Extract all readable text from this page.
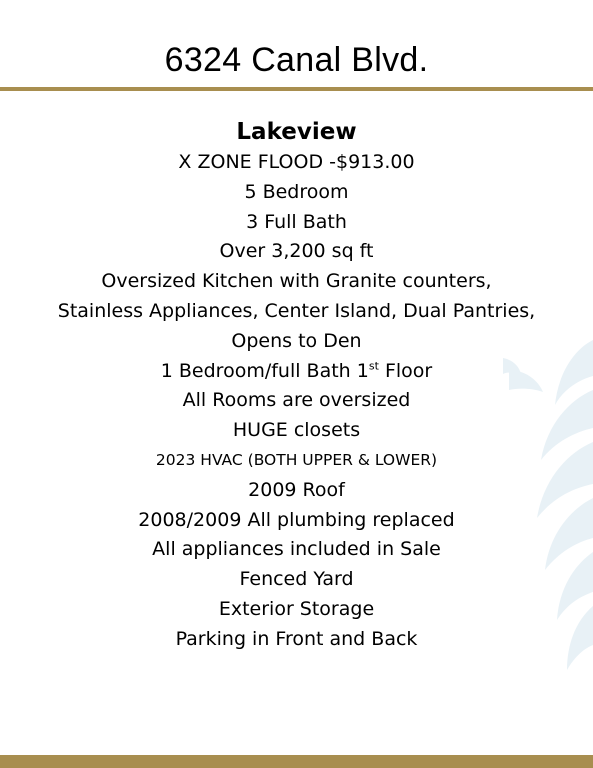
6324 Canal Blvd.
Lakeview
X ZONE FLOOD -$913.00
5 Bedroom
3 Full Bath
Over 3,200 sq ft
Oversized Kitchen with Granite counters,
Stainless Appliances, Center Island, Dual Pantries,
Opens to Den
1 Bedroom/full Bath 1st Floor
All Rooms are oversized
HUGE closets
2023 HVAC (BOTH UPPER & LOWER)
2009 Roof
2008/2009 All plumbing replaced
All appliances included in Sale
Fenced Yard
Exterior Storage
Parking in Front and Back
